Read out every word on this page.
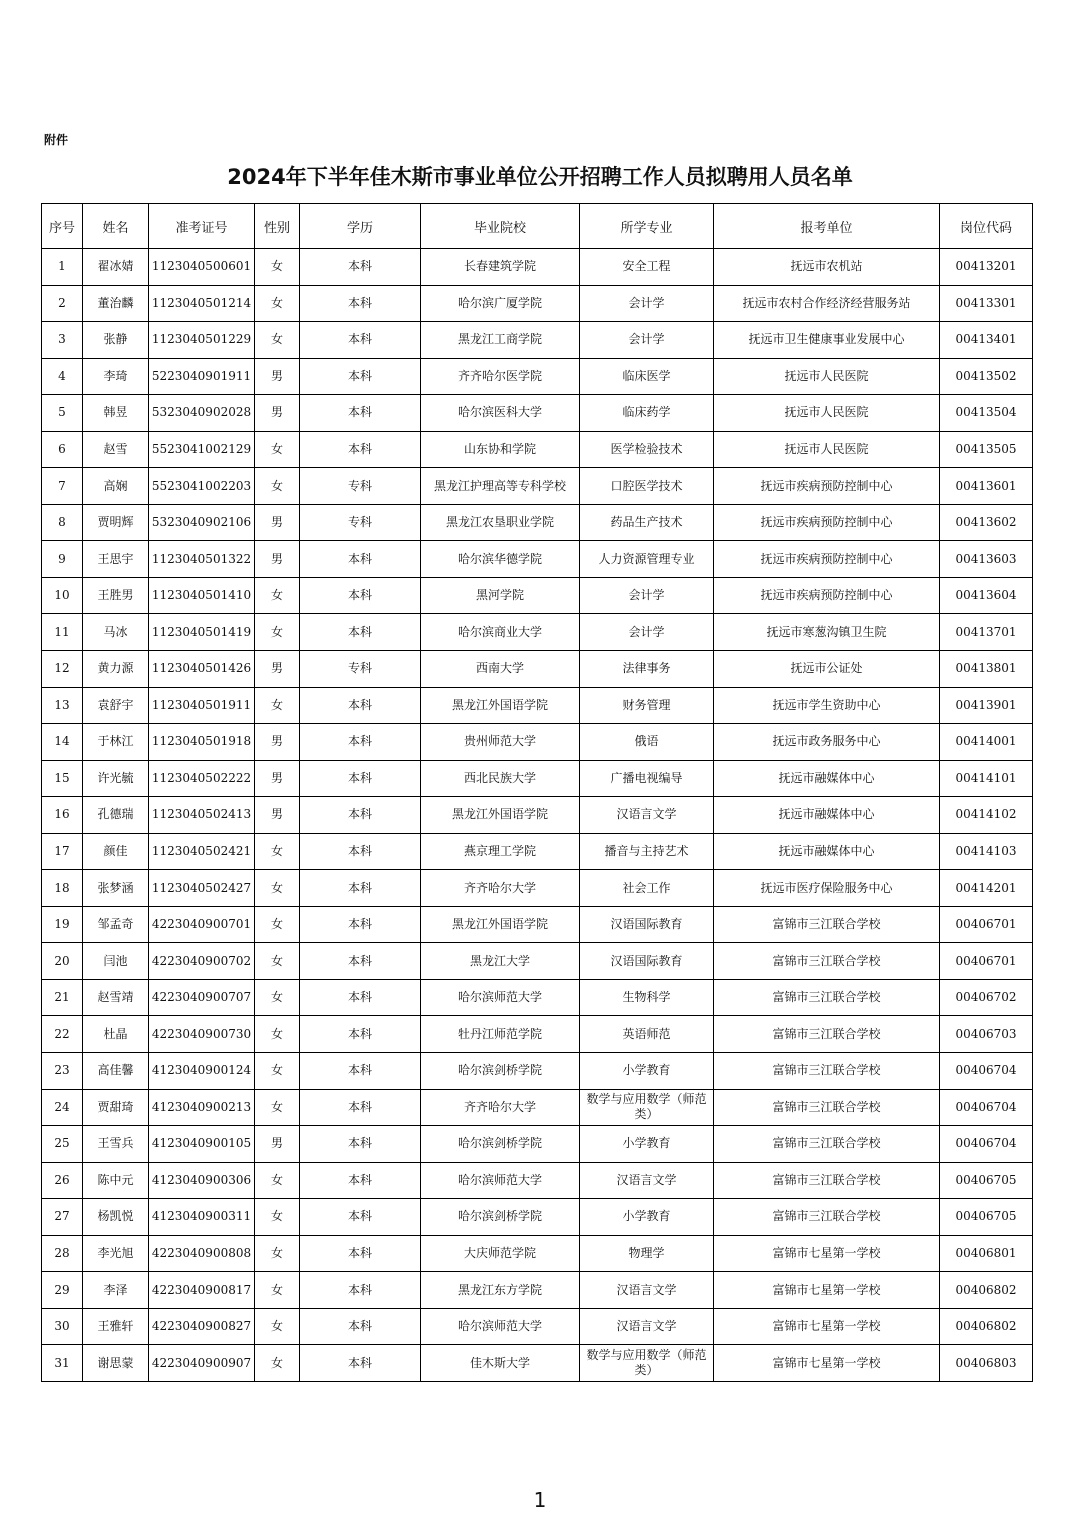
附件
2024年下半年佳木斯市事业单位公开招聘工作人员拟聘用人员名单
序号	姓名	准考证号	性别	学历	毕业院校	所学专业	报考单位	岗位代码
1	翟冰婧	1123040500601	女	本科	长春建筑学院	安全工程	抚远市农机站	00413201
2	董治麟	1123040501214	女	本科	哈尔滨广厦学院	会计学	抚远市农村合作经济经营服务站	00413301
3	张静	1123040501229	女	本科	黑龙江工商学院	会计学	抚远市卫生健康事业发展中心	00413401
4	李琦	5223040901911	男	本科	齐齐哈尔医学院	临床医学	抚远市人民医院	00413502
5	韩昱	5323040902028	男	本科	哈尔滨医科大学	临床药学	抚远市人民医院	00413504
6	赵雪	5523041002129	女	本科	山东协和学院	医学检验技术	抚远市人民医院	00413505
7	高娴	5523041002203	女	专科	黑龙江护理高等专科学校	口腔医学技术	抚远市疾病预防控制中心	00413601
8	贾明辉	5323040902106	男	专科	黑龙江农垦职业学院	药品生产技术	抚远市疾病预防控制中心	00413602
9	王思宇	1123040501322	男	本科	哈尔滨华德学院	人力资源管理专业	抚远市疾病预防控制中心	00413603
10	王胜男	1123040501410	女	本科	黑河学院	会计学	抚远市疾病预防控制中心	00413604
11	马冰	1123040501419	女	本科	哈尔滨商业大学	会计学	抚远市寒葱沟镇卫生院	00413701
12	黄力源	1123040501426	男	专科	西南大学	法律事务	抚远市公证处	00413801
13	袁舒宇	1123040501911	女	本科	黑龙江外国语学院	财务管理	抚远市学生资助中心	00413901
14	于林江	1123040501918	男	本科	贵州师范大学	俄语	抚远市政务服务中心	00414001
15	许光毓	1123040502222	男	本科	西北民族大学	广播电视编导	抚远市融媒体中心	00414101
16	孔德瑞	1123040502413	男	本科	黑龙江外国语学院	汉语言文学	抚远市融媒体中心	00414102
17	颜佳	1123040502421	女	本科	燕京理工学院	播音与主持艺术	抚远市融媒体中心	00414103
18	张梦涵	1123040502427	女	本科	齐齐哈尔大学	社会工作	抚远市医疗保险服务中心	00414201
19	邹孟奇	4223040900701	女	本科	黑龙江外国语学院	汉语国际教育	富锦市三江联合学校	00406701
20	闫池	4223040900702	女	本科	黑龙江大学	汉语国际教育	富锦市三江联合学校	00406701
21	赵雪靖	4223040900707	女	本科	哈尔滨师范大学	生物科学	富锦市三江联合学校	00406702
22	杜晶	4223040900730	女	本科	牡丹江师范学院	英语师范	富锦市三江联合学校	00406703
23	高佳馨	4123040900124	女	本科	哈尔滨剑桥学院	小学教育	富锦市三江联合学校	00406704
24	贾甜琦	4123040900213	女	本科	齐齐哈尔大学	数学与应用数学（师范类）	富锦市三江联合学校	00406704
25	王雪兵	4123040900105	男	本科	哈尔滨剑桥学院	小学教育	富锦市三江联合学校	00406704
26	陈中元	4123040900306	女	本科	哈尔滨师范大学	汉语言文学	富锦市三江联合学校	00406705
27	杨凯悦	4123040900311	女	本科	哈尔滨剑桥学院	小学教育	富锦市三江联合学校	00406705
28	李光旭	4223040900808	女	本科	大庆师范学院	物理学	富锦市七星第一学校	00406801
29	李泽	4223040900817	女	本科	黑龙江东方学院	汉语言文学	富锦市七星第一学校	00406802
30	王雅轩	4223040900827	女	本科	哈尔滨师范大学	汉语言文学	富锦市七星第一学校	00406802
31	谢思蒙	4223040900907	女	本科	佳木斯大学	数学与应用数学（师范类）	富锦市七星第一学校	00406803
1
